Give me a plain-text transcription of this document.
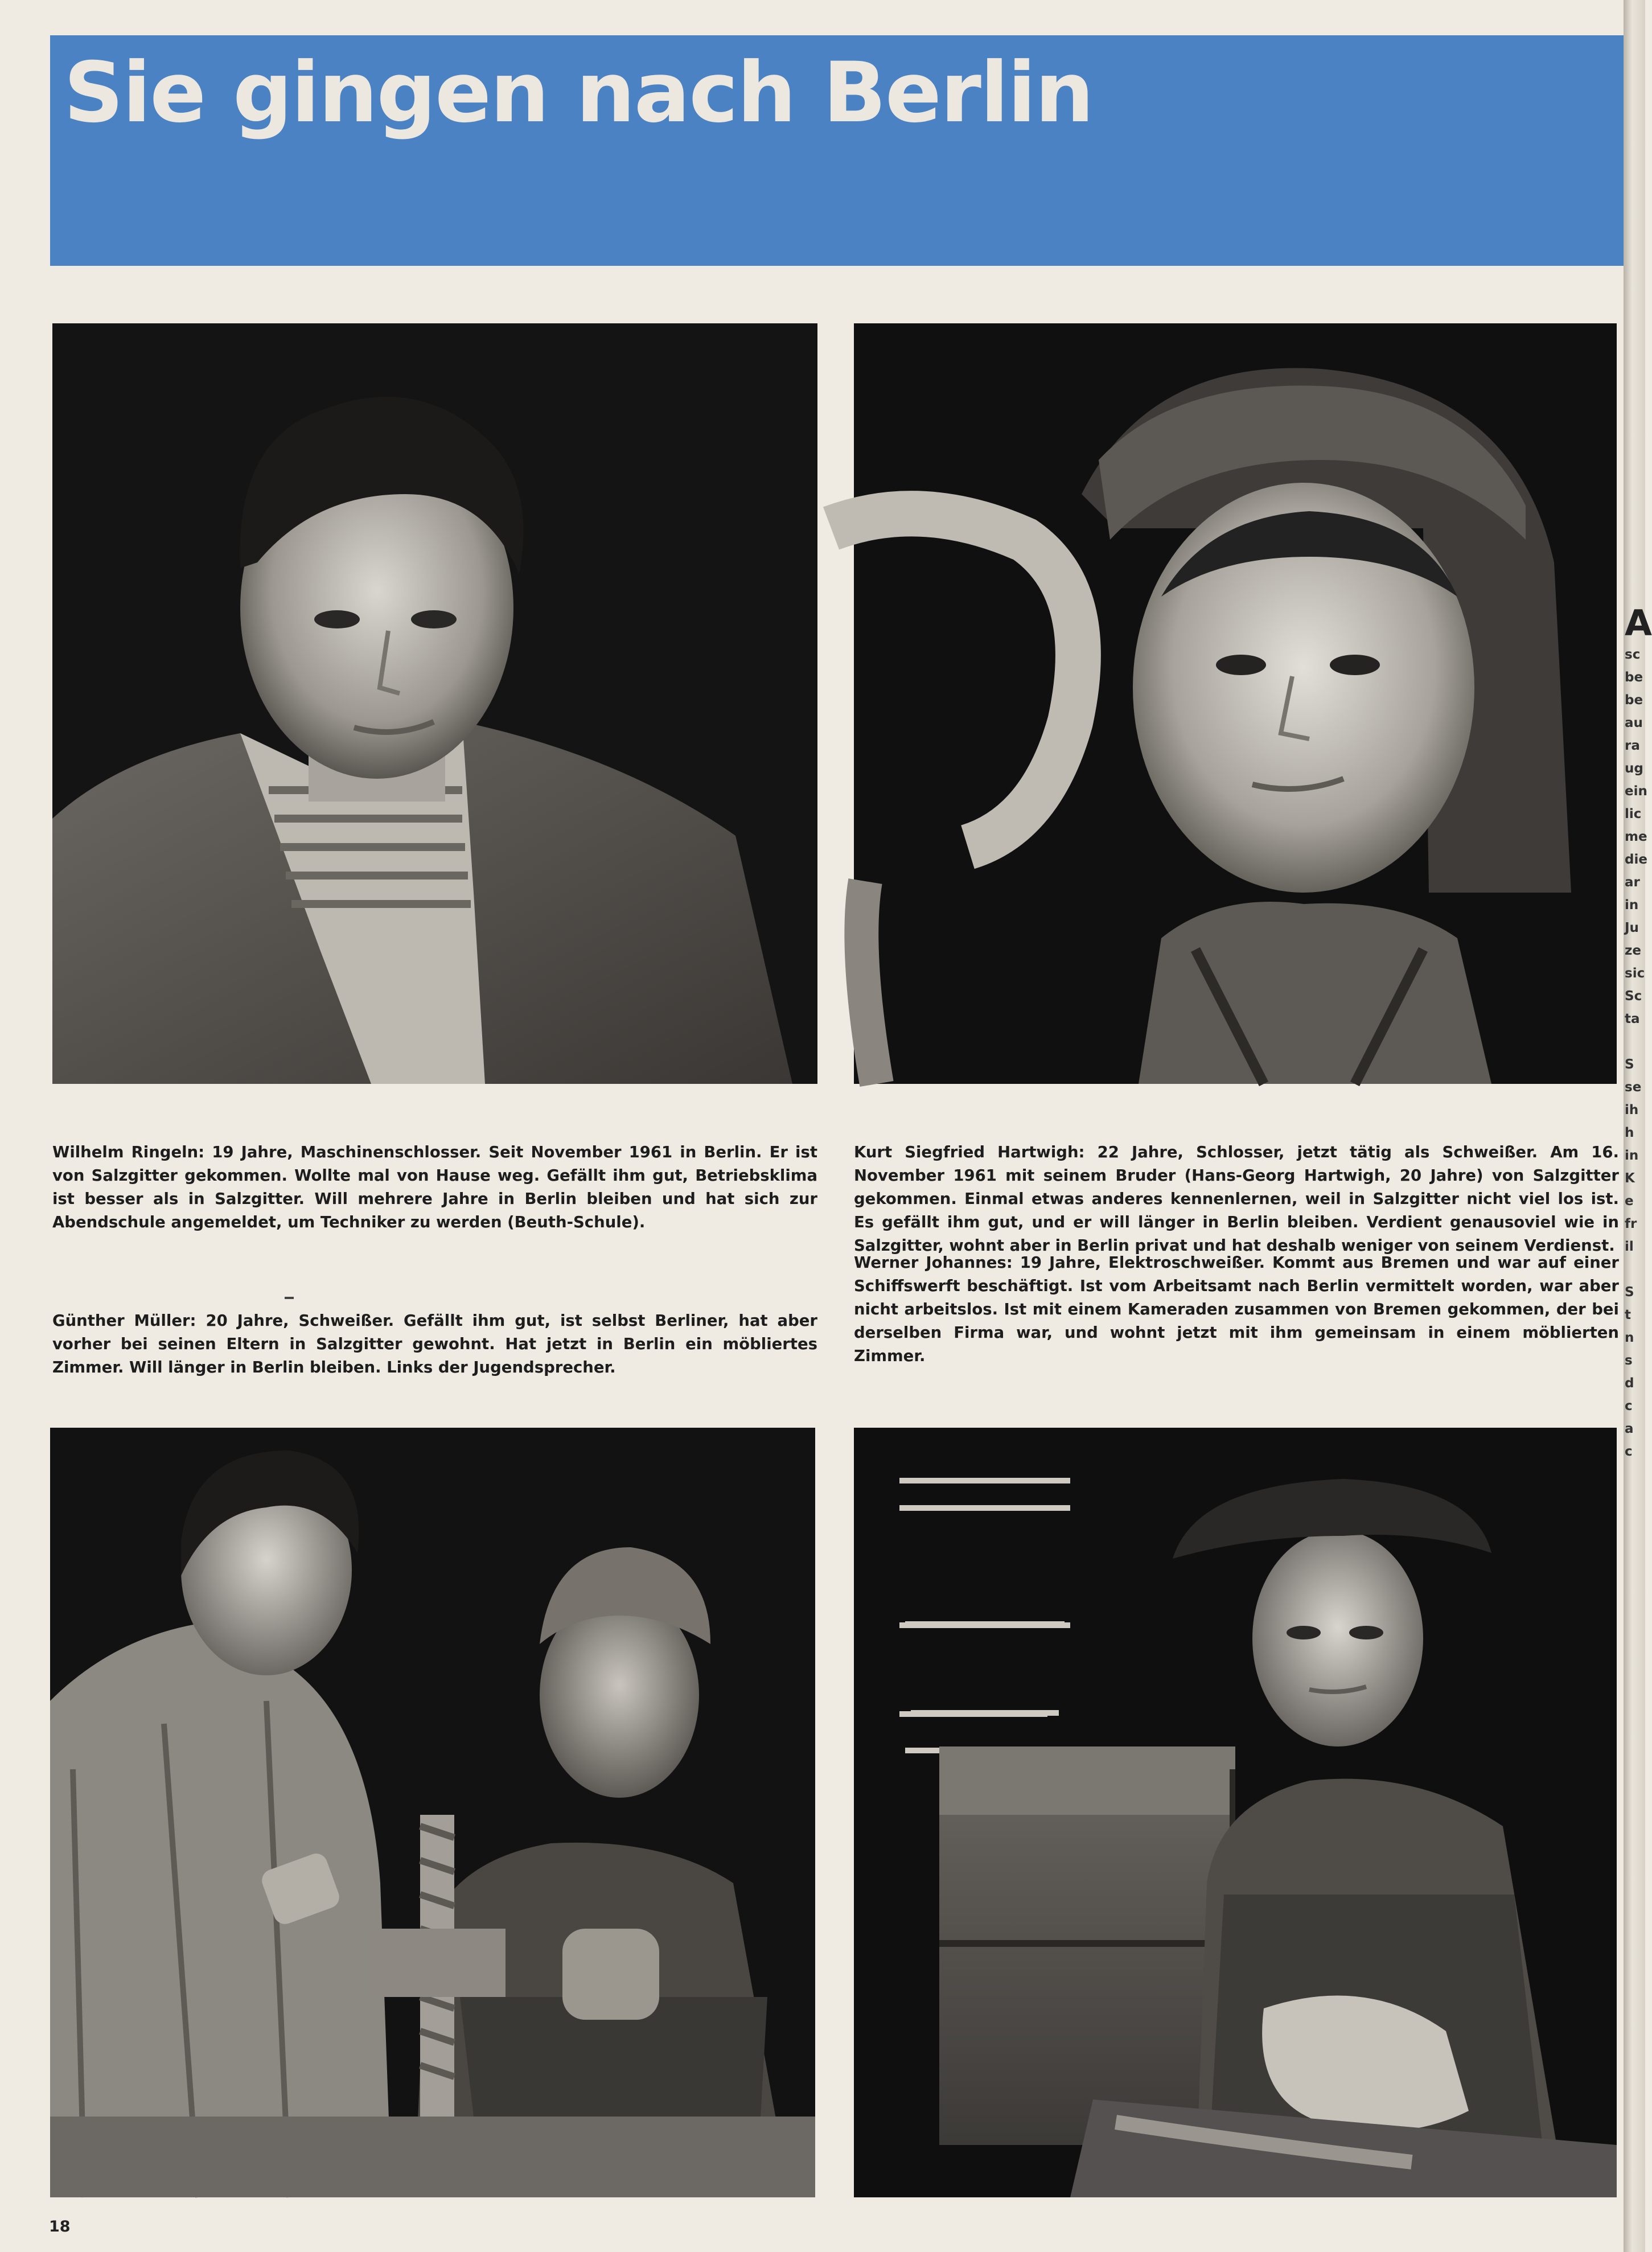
A
sc
be
be
au
ra
ug
ein
lic
me
die
ar
in
Ju
ze
sic
Sc
ta

S
se
ih
h
in
K
e
fr
il

S
t
n
s
d
c
a
c
Sie gingen nach Berlin
Wilhelm Ringeln: 19 Jahre, Maschinenschlosser. Seit November 1961 in Berlin. Er ist von Salzgitter gekommen. Wollte mal von Hause weg. Gefällt ihm gut, Betriebsklima ist besser als in Salzgitter. Will mehrere Jahre in Berlin bleiben und hat sich zur Abendschule angemeldet, um Techniker zu werden (Beuth-Schule).
Kurt Siegfried Hartwigh: 22 Jahre, Schlosser, jetzt tätig als Schweißer. Am 16. November 1961 mit seinem Bruder (Hans-Georg Hartwigh, 20 Jahre) von Salzgitter gekommen. Einmal etwas anderes kennenlernen, weil in Salzgitter nicht viel los ist. Es gefällt ihm gut, und er will länger in Berlin bleiben. Verdient genausoviel wie in Salzgitter, wohnt aber in Berlin privat und hat deshalb weniger von seinem Verdienst.
Günther Müller: 20 Jahre, Schweißer. Gefällt ihm gut, ist selbst Berliner, hat aber vorher bei seinen Eltern in Salzgitter gewohnt. Hat jetzt in Berlin ein möbliertes Zimmer. Will länger in Berlin bleiben. Links der Jugendsprecher.
Werner Johannes: 19 Jahre, Elektroschweißer. Kommt aus Bremen und war auf einer Schiffswerft beschäftigt. Ist vom Arbeitsamt nach Berlin vermittelt worden, war aber nicht arbeitslos. Ist mit einem Kameraden zusammen von Bremen gekommen, der bei derselben Firma war, und wohnt jetzt mit ihm gemeinsam in einem möblierten Zimmer.
18
